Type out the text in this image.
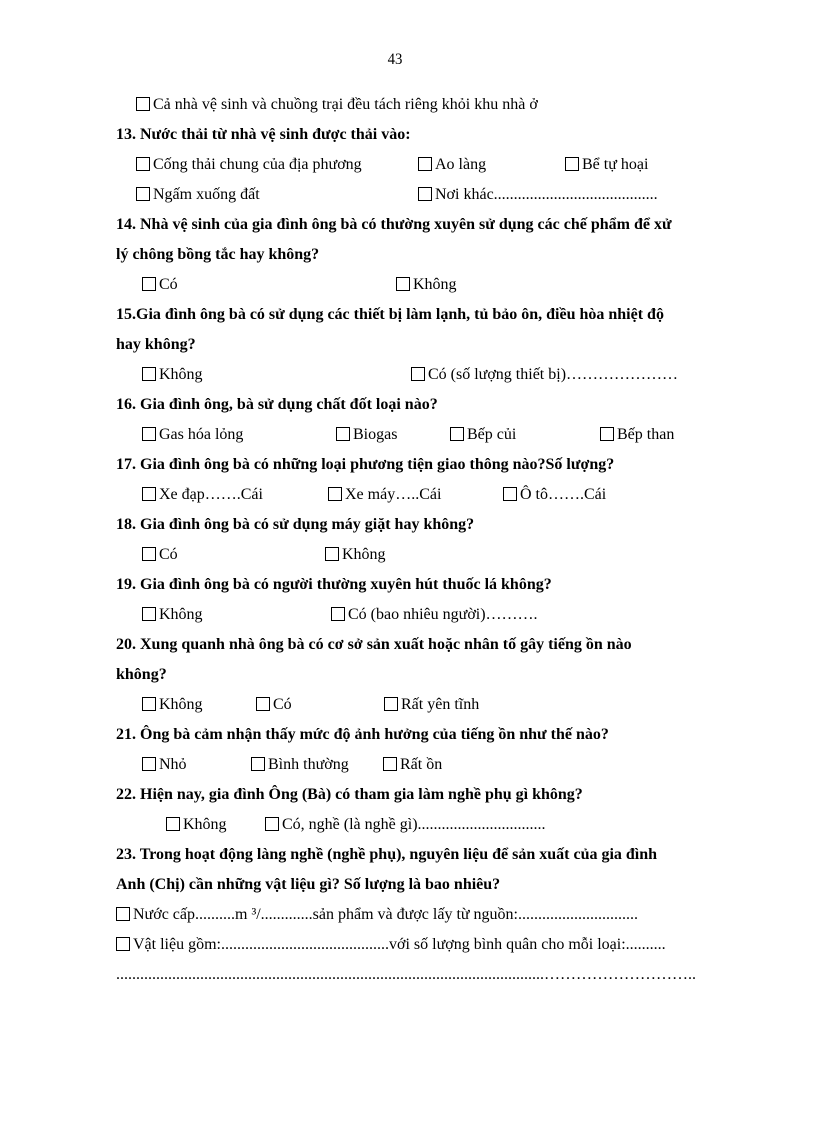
43
Cả nhà vệ sinh và chuồng trại đều tách riêng khỏi khu nhà ở
13. Nước thải từ nhà vệ sinh được thải vào:
Cống thải chung của địa phương	Ao làng	Bể tự hoại
Ngấm xuống đất	Nơi khác.........................................
14. Nhà vệ sinh của gia đình ông bà có thường xuyên sử dụng các chế phẩm để xử
lý chông bồng tắc hay không?
Có	Không
15.Gia đình ông bà có sử dụng các thiết bị làm lạnh, tủ bảo ôn, điều hòa nhiệt độ
hay không?
Không	Có (số lượng thiết bị)…………………
16. Gia đình ông, bà sử dụng chất đốt loại nào?
Gas hóa lỏng	Biogas	Bếp củi	Bếp than
17. Gia đình ông bà có những loại phương tiện giao thông nào?Số lượng?
Xe đạp…….Cái	Xe máy…..Cái	Ô tô…….Cái
18. Gia đình ông bà có sử dụng máy giặt hay không?
Có	Không
19. Gia đình ông bà có người thường xuyên hút thuốc lá không?
Không	Có (bao nhiêu người)……….
20. Xung quanh nhà ông bà có cơ sở sản xuất hoặc nhân tố gây tiếng ồn nào
không?
Không	Có	Rất yên tĩnh
21. Ông bà cảm nhận thấy mức độ ảnh hưởng của tiếng ồn như thế nào?
Nhỏ	Bình thường	Rất ồn
22. Hiện nay, gia đình Ông (Bà) có tham gia làm nghề phụ gì không?
Không	Có, nghề (là nghề gì)................................
23. Trong hoạt động làng nghề (nghề phụ), nguyên liệu để sản xuất của gia đình
Anh (Chị) cần những vật liệu gì? Số lượng là bao nhiêu?
Nước cấp..........m ³/.............sản phẩm và được lấy từ nguồn:..............................
Vật liệu gồm:..........................................với số lượng bình quân cho mỗi loại:..........
...........................................................................................................………………………..
